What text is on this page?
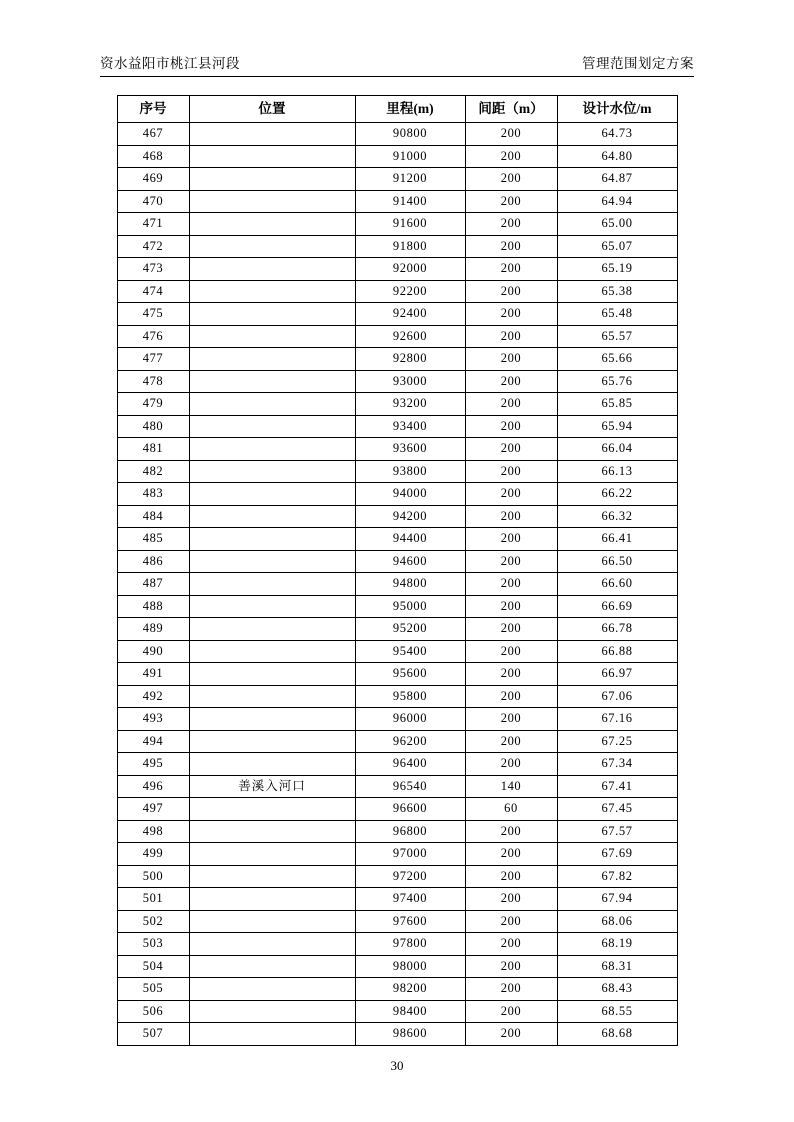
资水益阳市桃江县河段	管理范围划定方案
序号	位置	里程(m)	间距（m）	设计水位/m
467		90800	200	64.73
468		91000	200	64.80
469		91200	200	64.87
470		91400	200	64.94
471		91600	200	65.00
472		91800	200	65.07
473		92000	200	65.19
474		92200	200	65.38
475		92400	200	65.48
476		92600	200	65.57
477		92800	200	65.66
478		93000	200	65.76
479		93200	200	65.85
480		93400	200	65.94
481		93600	200	66.04
482		93800	200	66.13
483		94000	200	66.22
484		94200	200	66.32
485		94400	200	66.41
486		94600	200	66.50
487		94800	200	66.60
488		95000	200	66.69
489		95200	200	66.78
490		95400	200	66.88
491		95600	200	66.97
492		95800	200	67.06
493		96000	200	67.16
494		96200	200	67.25
495		96400	200	67.34
496	善溪入河口	96540	140	67.41
497		96600	60	67.45
498		96800	200	67.57
499		97000	200	67.69
500		97200	200	67.82
501		97400	200	67.94
502		97600	200	68.06
503		97800	200	68.19
504		98000	200	68.31
505		98200	200	68.43
506		98400	200	68.55
507		98600	200	68.68
30
